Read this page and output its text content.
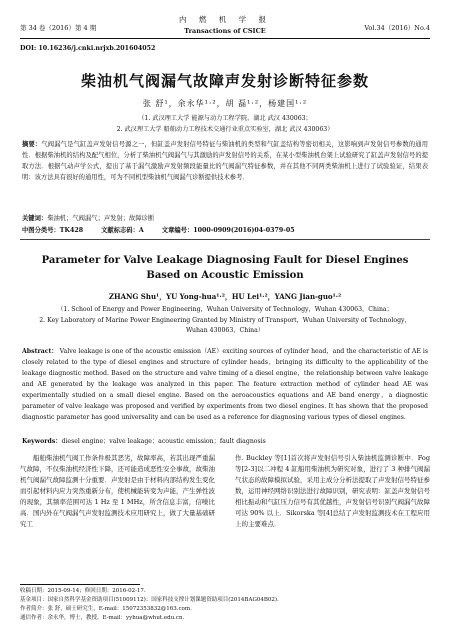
第 34 卷（2016）第 4 期
内 燃 机 学 报
Transactions of CSICE	Vol.34（2016）No.4
DOI: 10.16236/j.cnki.nrjxb.201604052
柴油机气阀漏气故障声发射诊断特征参数
张 舒¹，余永华¹·²，胡 磊¹·²，杨建国¹·²
（1. 武汉理工大学 能源与动力工程学院，湖北 武汉 430063；
2. 武汉理工大学 船舶动力工程技术交通行业重点实验室，湖北 武汉 430063）
摘要：气阀漏气是气缸盖声发射信号源之一，但缸盖声发射信号特征与柴油机的类型和气缸盖结构等密切相关，这影响到声发射信号参数的通用性．根据柴油机的结构及配气相位，分析了柴油机气阀漏气与其激励的声发射信号的关系，在某小型柴油机台架上试验研究了缸盖声发射信号的提取方法．根据气动声学公式，提出了基于漏气激励声发射频段能量比的气阀漏气特征参数，并在其他不同两类柴油机上进行了试验验证，结果表明：该方法具有很好的通用性，可为不同机型柴油机气阀漏气诊断提供技术参考．
关键词：柴油机；气阀漏气；声发射；故障诊断
中图分类号：TK428	文献标志码：A	文章编号：1000-0909(2016)04-0379-05
Parameter for Valve Leakage Diagnosing Fault for Diesel Engines
Based on Acoustic Emission
ZHANG Shu¹，YU Yong-hua¹·²，HU Lei¹·²，YANG Jian-guo¹·²
（1. School of Energy and Power Engineering，Wuhan University of Technology，Wuhan 430063，China；
2. Key Laboratory of Marine Power Engineering Granted by Ministry of Transport，Wuhan University of Technology，Wuhan 430063，China）
Abstract： Valve leakage is one of the acoustic emission（AE）exciting sources of cylinder head，and the characteristic of AE is closely related to the type of diesel engines and structure of cylinder heads，bringing its difficulty to the applicability of the leakage diagnostic method. Based on the structure and valve timing of a diesel engine，the relationship between valve leakage and AE generated by the leakage was analyzed in this paper. The feature extraction method of cylinder head AE was experimentally studied on a small diesel engine. Based on the aeroacoustics equations and AE band energy，a diagnostic parameter of valve leakage was proposed and verified by experiments from two diesel engines. It has shown that the proposed diagnostic parameter has good universality and can be used as a reference for diagnosing various types of diesel engines.
Keywords：diesel engine；valve leakage；acoustic emission；fault diagnosis
船舶柴油机气阀工作条件极其恶劣，故障率高，若其出现严重漏气故障，不仅柴油机经济性下降，还可能造成恶性安全事故，故柴油机气阀漏气故障监测十分重要．声发射是由于材料内部结构发生变化而引起材料内应力突然重新分布，使机械能转变为声能，产生弹性波的现象，其频率范围可达 1 Hz 至 1 MHz，所含信息丰富，信噪比高．国内外在气阀漏气声发射监测技术应用研究上，做了大量基础研究工
作. Buckley 等[1]首次将声发射信号引入柴油机监测诊断中．Fog 等[2-3]以二冲程 4 缸船用柴油机为研究对象，进行了 3 种排气阀漏气状态的故障模拟试验，采用主成分分析法提取了声发射信号特征参数，运用神经网络识别法进行故障识别，研究表明：缸盖声发射信号相比振动和气缸压力信号有其优越性，声发射信号识别气阀漏气故障可达 90% 以上．Sikorska 等[4]总结了声发射监测技术在工程应用上的主要难点．
收稿日期：2015-09-14；修回日期：2016-02-17.
基金项目：国家自然科学基金资助项目(51009112)；国家科技支撑计划课题资助项目(2014BAG04B02)．
作者简介：张 舒，硕士研究生，E-mail：15072353832@163.com.
通信作者：余永华，博士，教授，E-mail：yyhua@whut.edu.cn.
